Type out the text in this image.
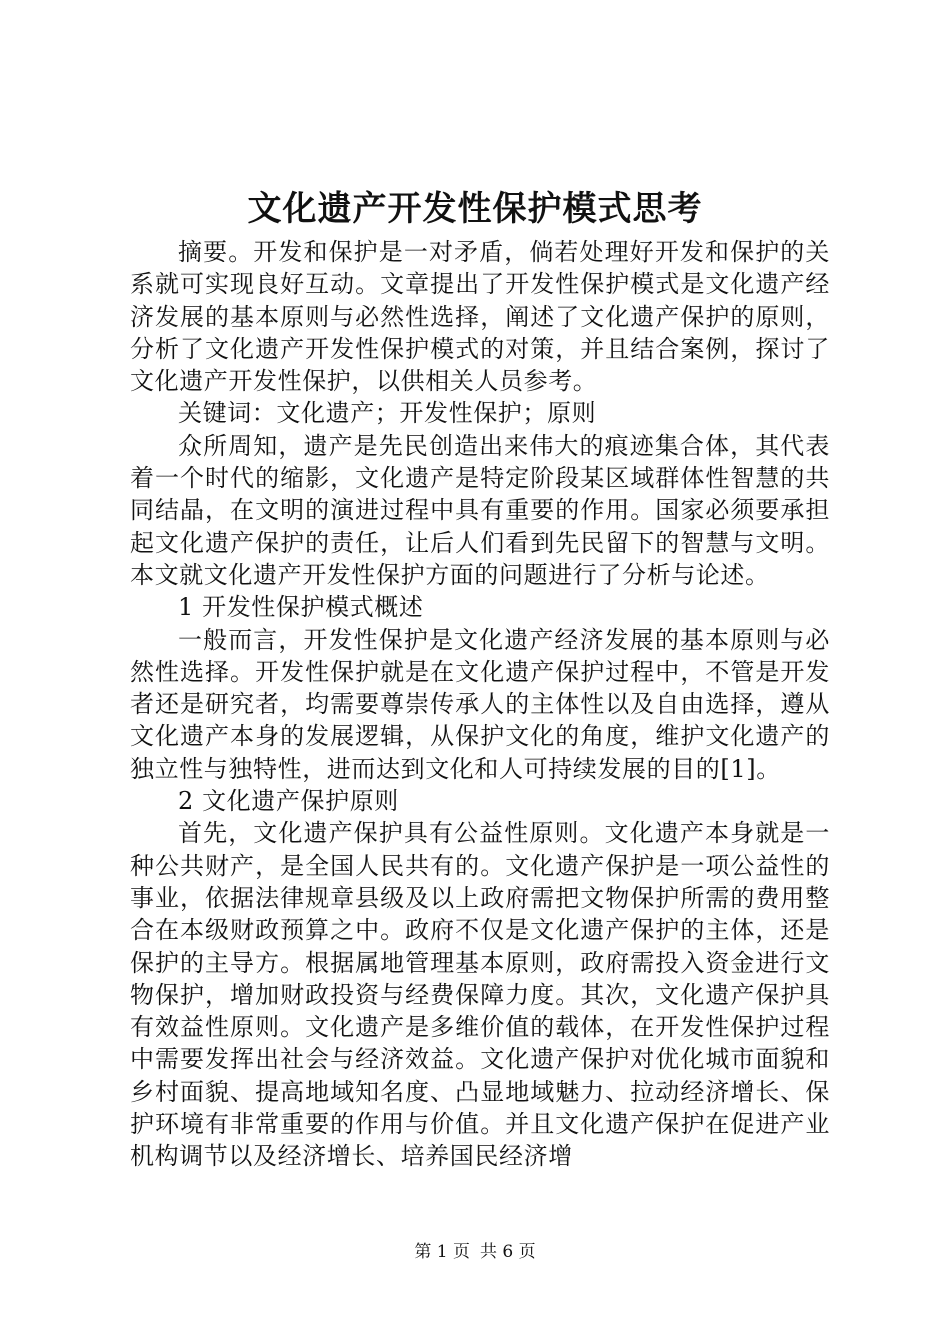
文化遗产开发性保护模式思考

摘要。开发和保护是一对矛盾，倘若处理好开发和保护的关系就可实现良好互动。文章提出了开发性保护模式是文化遗产经济发展的基本原则与必然性选择，阐述了文化遗产保护的原则，分析了文化遗产开发性保护模式的对策，并且结合案例，探讨了文化遗产开发性保护，以供相关人员参考。

关键词：文化遗产；开发性保护；原则

众所周知，遗产是先民创造出来伟大的痕迹集合体，其代表着一个时代的缩影，文化遗产是特定阶段某区域群体性智慧的共同结晶，在文明的演进过程中具有重要的作用。国家必须要承担起文化遗产保护的责任，让后人们看到先民留下的智慧与文明。本文就文化遗产开发性保护方面的问题进行了分析与论述。

1 开发性保护模式概述

一般而言，开发性保护是文化遗产经济发展的基本原则与必然性选择。开发性保护就是在文化遗产保护过程中，不管是开发者还是研究者，均需要尊崇传承人的主体性以及自由选择，遵从文化遗产本身的发展逻辑，从保护文化的角度，维护文化遗产的独立性与独特性，进而达到文化和人可持续发展的目的[1]。

2 文化遗产保护原则

首先，文化遗产保护具有公益性原则。文化遗产本身就是一种公共财产，是全国人民共有的。文化遗产保护是一项公益性的事业，依据法律规章县级及以上政府需把文物保护所需的费用整合在本级财政预算之中。政府不仅是文化遗产保护的主体，还是保护的主导方。根据属地管理基本原则，政府需投入资金进行文物保护，增加财政投资与经费保障力度。其次，文化遗产保护具有效益性原则。文化遗产是多维价值的载体，在开发性保护过程中需要发挥出社会与经济效益。文化遗产保护对优化城市面貌和乡村面貌、提高地域知名度、凸显地域魅力、拉动经济增长、保护环境有非常重要的作用与价值。并且文化遗产保护在促进产业机构调节以及经济增长、培养国民经济增

第 1 页 共 6 页
